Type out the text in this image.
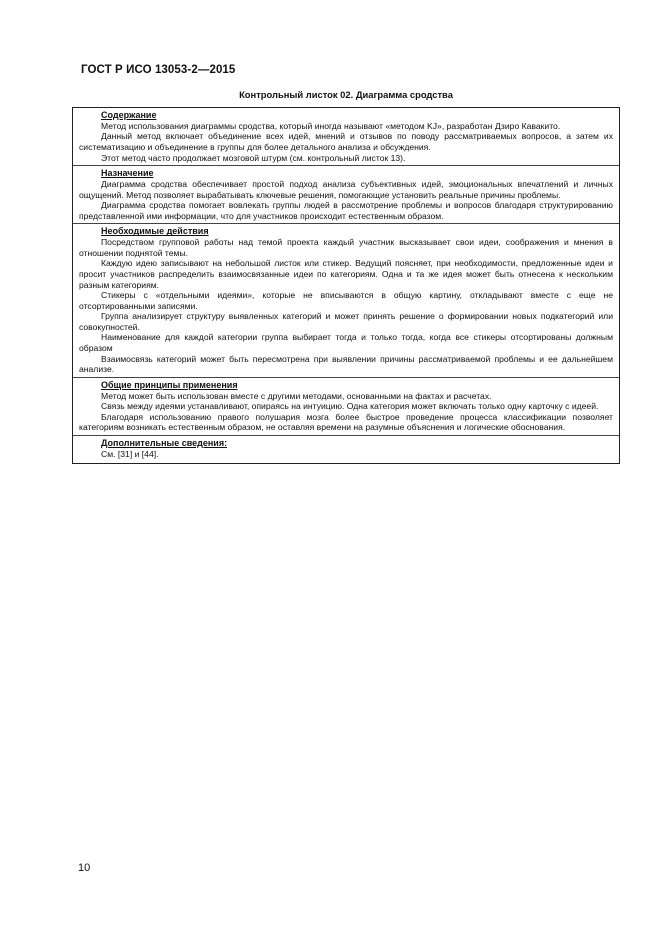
ГОСТ Р ИСО 13053-2—2015
Контрольный листок 02. Диаграмма сродства
Содержание

Метод использования диаграммы сродства, который иногда называют «методом KJ», разработан Дзиро Кавакито.

Данный метод включает объединение всех идей, мнений и отзывов по поводу рассматриваемых вопросов, а затем их систематизацию и объединение в группы для более детального анализа и обсуждения.

Этот метод часто продолжает мозговой штурм (см. контрольный листок 13).

Назначение

Диаграмма сродства обеспечивает простой подход анализа субъективных идей, эмоциональных впечатлений и личных ощущений. Метод позволяет вырабатывать ключевые решения, помогающие установить реальные причины проблемы.

Диаграмма сродства помогает вовлекать группы людей в рассмотрение проблемы и вопросов благодаря структурированию представленной ими информации, что для участников происходит естественным образом.

Необходимые действия

Посредством групповой работы над темой проекта каждый участник высказывает свои идеи, соображения и мнения в отношении поднятой темы.

Каждую идею записывают на небольшой листок или стикер. Ведущий поясняет, при необходимости, предложенные идеи и просит участников распределить взаимосвязанные идеи по категориям. Одна и та же идея может быть отнесена к нескольким разным категориям.

Стикеры с «отдельными идеями», которые не вписываются в общую картину, откладывают вместе с еще не отсортированными записями.

Группа анализирует структуру выявленных категорий и может принять решение о формировании новых подкатегорий или совокупностей.

Наименование для каждой категории группа выбирает тогда и только тогда, когда все стикеры отсортированы должным образом

Взаимосвязь категорий может быть пересмотрена при выявлении причины рассматриваемой проблемы и ее дальнейшем анализе.

Общие принципы применения

Метод может быть использован вместе с другими методами, основанными на фактах и расчетах.

Связь между идеями устанавливают, опираясь на интуицию. Одна категория может включать только одну карточку с идеей.

Благодаря использованию правого полушария мозга более быстрое проведение процесса классификации позволяет категориям возникать естественным образом, не оставляя времени на разумные объяснения и логические обоснования.

Дополнительные сведения:

См. [31] и [44].

10
